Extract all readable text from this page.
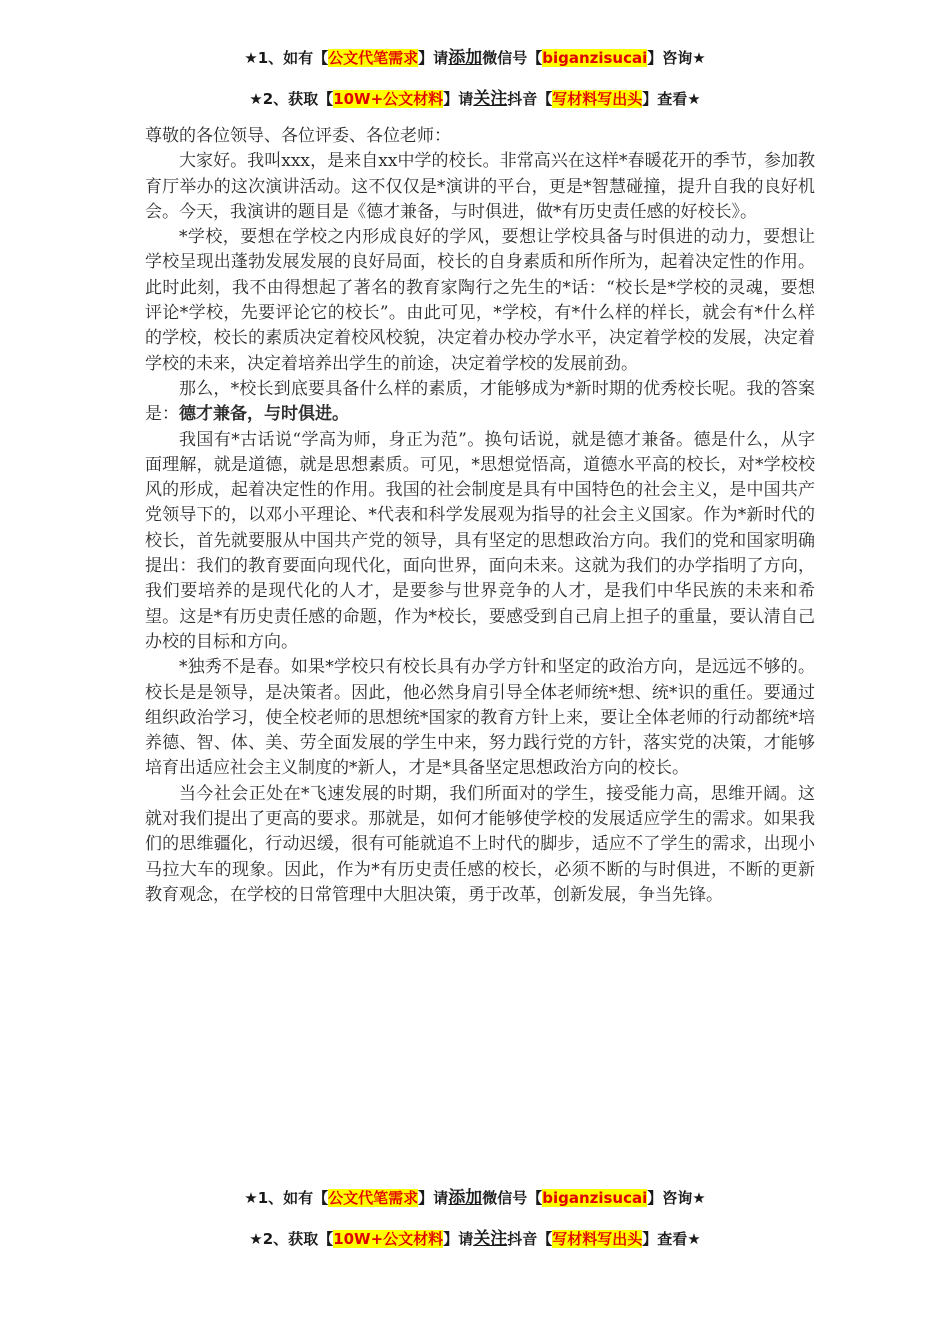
★1、如有【公文代笔需求】请添加微信号【biganzisucai】咨询★
★2、获取【10W+公文材料】请关注抖音【写材料写出头】查看★

尊敬的各位领导、各位评委、各位老师：

大家好。我叫xxx，是来自xx中学的校长。非常高兴在这样*春暖花开的季节，参加教育厅举办的这次演讲活动。这不仅仅是*演讲的平台，更是*智慧碰撞，提升自我的良好机会。今天，我演讲的题目是《德才兼备，与时俱进，做*有历史责任感的好校长》。

*学校，要想在学校之内形成良好的学风，要想让学校具备与时俱进的动力，要想让学校呈现出蓬勃发展发展的良好局面，校长的自身素质和所作所为，起着决定性的作用。此时此刻，我不由得想起了著名的教育家陶行之先生的*话：“校长是*学校的灵魂，要想评论*学校，先要评论它的校长”。由此可见，*学校，有*什么样的样长，就会有*什么样的学校，校长的素质决定着校风校貌，决定着办校办学水平，决定着学校的发展，决定着学校的未来，决定着培养出学生的前途，决定着学校的发展前劲。

那么，*校长到底要具备什么样的素质，才能够成为*新时期的优秀校长呢。我的答案是：德才兼备，与时俱进。

我国有*古话说“学高为师，身正为范”。换句话说，就是德才兼备。德是什么，从字面理解，就是道德，就是思想素质。可见，*思想觉悟高，道德水平高的校长，对*学校校风的形成，起着决定性的作用。我国的社会制度是具有中国特色的社会主义，是中国共产党领导下的，以邓小平理论、*代表和科学发展观为指导的社会主义国家。作为*新时代的校长，首先就要服从中国共产党的领导，具有坚定的思想政治方向。我们的党和国家明确提出：我们的教育要面向现代化，面向世界，面向未来。这就为我们的办学指明了方向，我们要培养的是现代化的人才，是要参与世界竞争的人才，是我们中华民族的未来和希望。这是*有历史责任感的命题，作为*校长，要感受到自己肩上担子的重量，要认清自己办校的目标和方向。

*独秀不是春。如果*学校只有校长具有办学方针和坚定的政治方向，是远远不够的。校长是是领导，是决策者。因此，他必然身肩引导全体老师统*想、统*识的重任。要通过组织政治学习，使全校老师的思想统*国家的教育方针上来，要让全体老师的行动都统*培养德、智、体、美、劳全面发展的学生中来，努力践行党的方针，落实党的决策，才能够培育出适应社会主义制度的*新人，才是*具备坚定思想政治方向的校长。

当今社会正处在*飞速发展的时期，我们所面对的学生，接受能力高，思维开阔。这就对我们提出了更高的要求。那就是，如何才能够使学校的发展适应学生的需求。如果我们的思维疆化，行动迟缓，很有可能就追不上时代的脚步，适应不了学生的需求，出现小马拉大车的现象。因此，作为*有历史责任感的校长，必须不断的与时俱进，不断的更新教育观念，在学校的日常管理中大胆决策，勇于改革，创新发展，争当先锋。

★1、如有【公文代笔需求】请添加微信号【biganzisucai】咨询★
★2、获取【10W+公文材料】请关注抖音【写材料写出头】查看★
